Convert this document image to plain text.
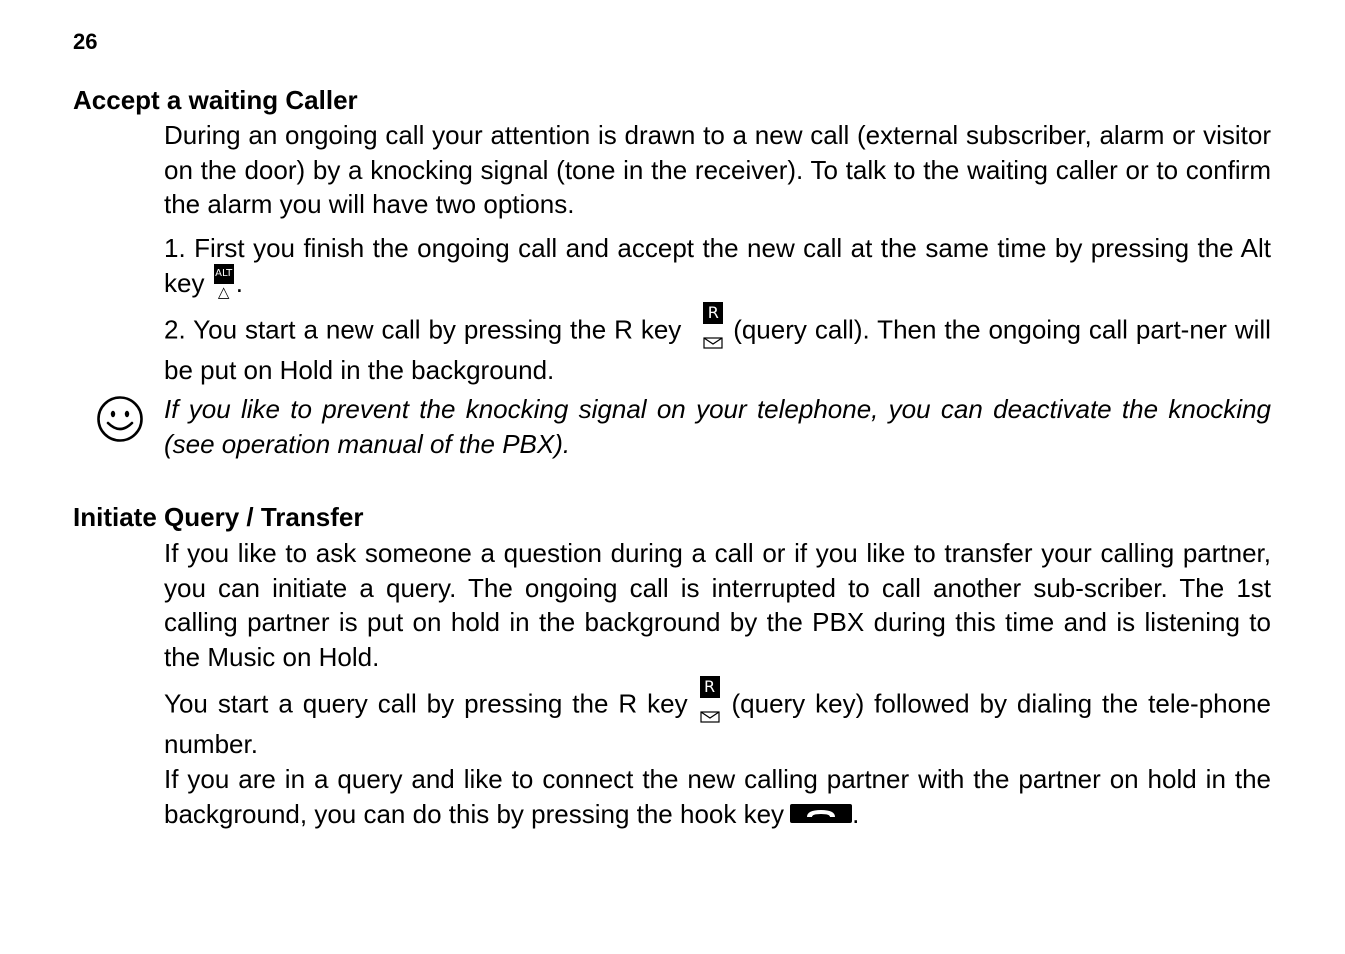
26
Accept a waiting Caller

During an ongoing call your attention is drawn to a new call (external subscriber, alarm or visitor on the door) by a knocking signal (tone in the receiver). To talk to the waiting caller or to confirm the alarm you will have two options.

1. First you finish the ongoing call and accept the new call at the same time by pressing the Alt key ALT
△ .

2. You start a new call by pressing the R key
R
(query call). Then the ongoing call part-ner will be put on Hold in the background.

If you like to prevent the knocking signal on your telephone, you can deactivate the knocking (see operation manual of the PBX).

Initiate Query / Transfer

If you like to ask someone a question during a call or if you like to transfer your calling partner, you can initiate a query. The ongoing call is interrupted to call another sub-scriber. The 1st calling partner is put on hold in the background by the PBX during this time and is listening to the Music on Hold.

You start a query call by pressing the R key
R
(query key) followed by dialing the tele-phone number.

If you are in a query and like to connect the new calling partner with the partner on hold in the background, you can do this by pressing the hook key	.
